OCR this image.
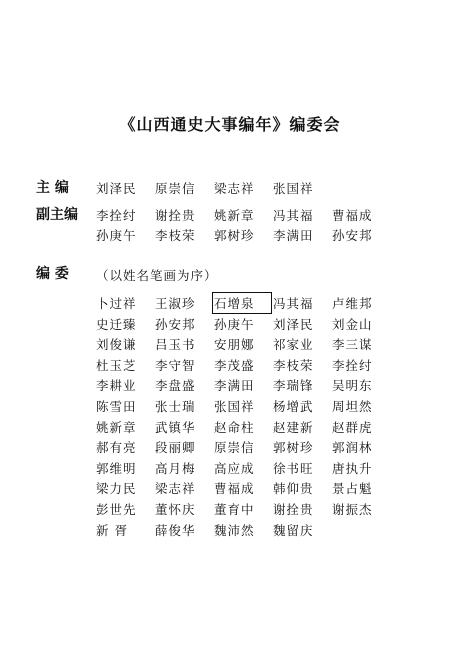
《山西通史大事编年》编委会
主 编	刘泽民	原崇信	梁志祥	张国祥
副主编	李拴纣	谢拴贵	姚新章	冯其福	曹福成
孙庚午	李枝荣	郭树珍	李满田	孙安邦
编 委	（以姓名笔画为序）
卜过祥	王淑珍	石增泉	冯其福	卢维邦
史迁臻	孙安邦	孙庚午	刘泽民	刘金山
刘俊谦	吕玉书	安朋娜	祁家业	李三谋
杜玉芝	李守智	李茂盛	李枝荣	李拴纣
李耕业	李盘盛	李满田	李瑞锋	吴明东
陈雪田	张士瑞	张国祥	杨增武	周坦然
姚新章	武镇华	赵命柱	赵建新	赵群虎
郝有亮	段丽卿	原崇信	郭树珍	郭润林
郭维明	高月梅	高应成	徐书旺	唐执升
梁力民	梁志祥	曹福成	韩仰贵	景占魁
彭世先	董怀庆	董育中	谢拴贵	谢振杰
新 胥	薛俊华	魏沛然	魏留庆
